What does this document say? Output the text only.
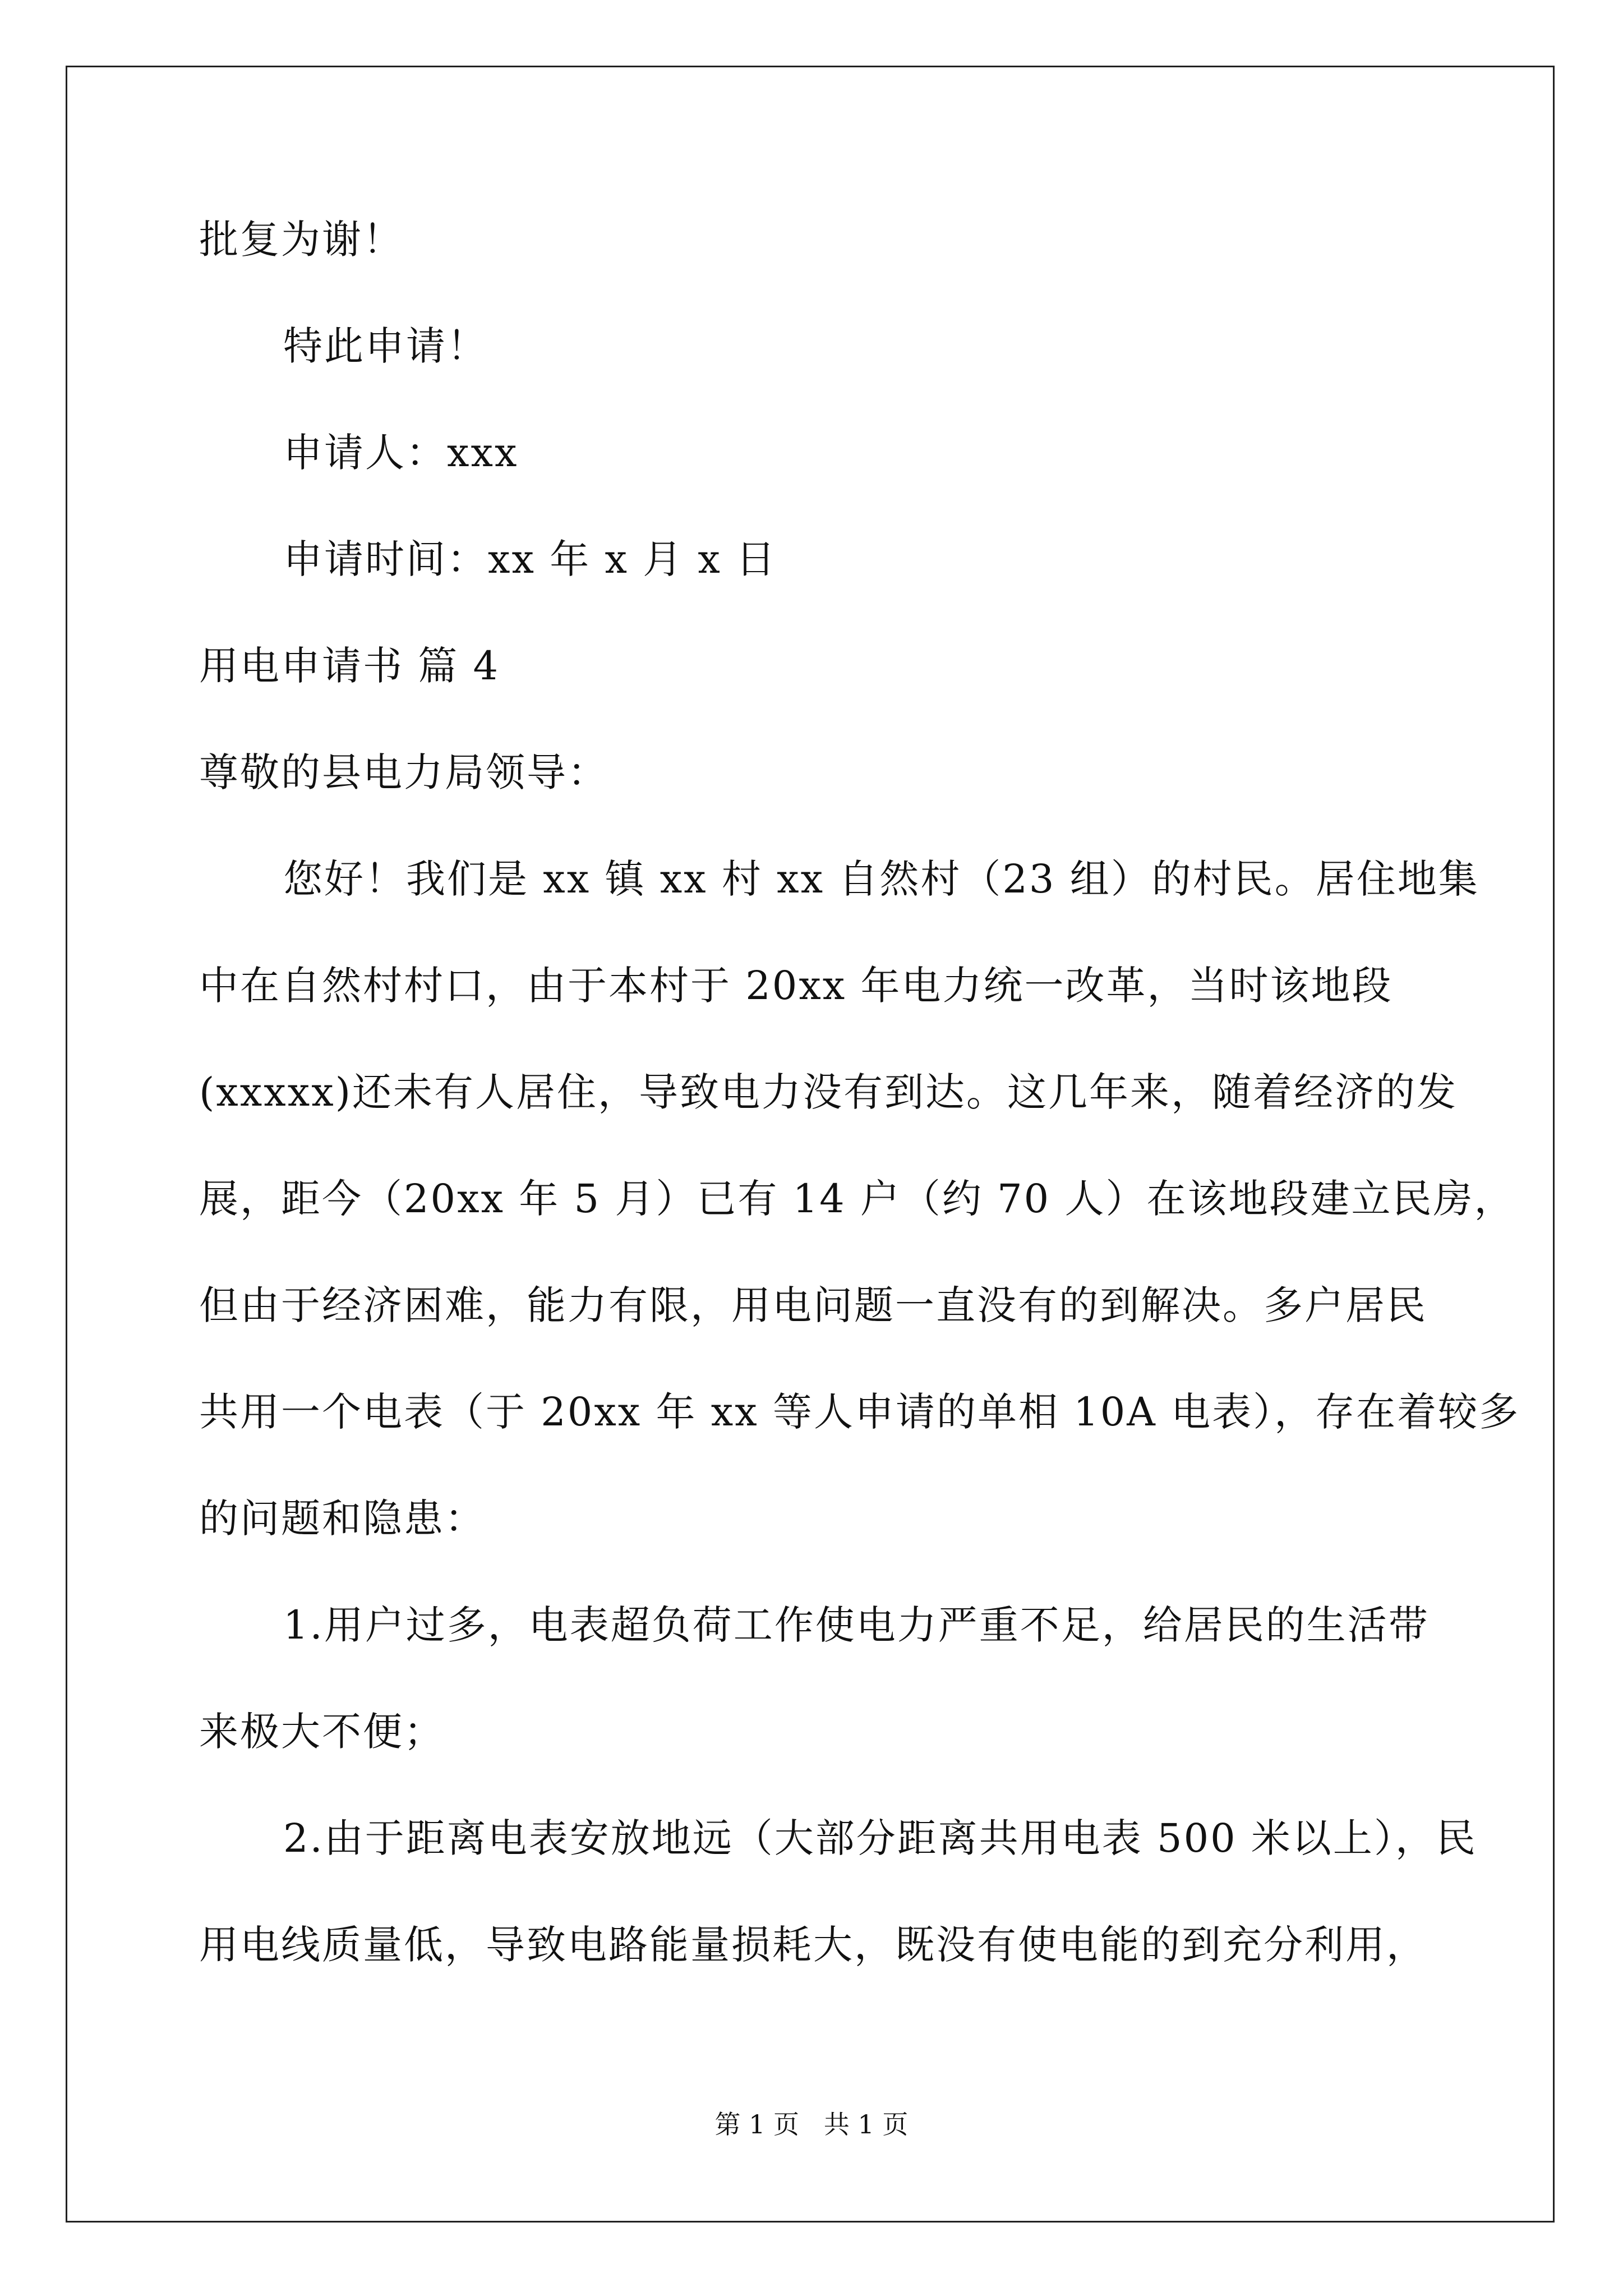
批复为谢！
特此申请！
申请人：xxx
申请时间：xx 年 x 月 x 日
用电申请书 篇 4
尊敬的县电力局领导：
您好！我们是 xx 镇 xx 村 xx 自然村（23 组）的村民。居住地集
中在自然村村口，由于本村于 20xx 年电力统一改革，当时该地段
(xxxxx)还未有人居住，导致电力没有到达。这几年来，随着经济的发
展，距今（20xx 年 5 月）已有 14 户（约 70 人）在该地段建立民房，
但由于经济困难，能力有限，用电问题一直没有的到解决。多户居民
共用一个电表（于 20xx 年 xx 等人申请的单相 10A 电表），存在着较多
的问题和隐患：
1.用户过多，电表超负荷工作使电力严重不足，给居民的生活带
来极大不便；
2.由于距离电表安放地远（大部分距离共用电表 500 米以上），民
用电线质量低，导致电路能量损耗大，既没有使电能的到充分利用，
第 1 页   共 1 页
